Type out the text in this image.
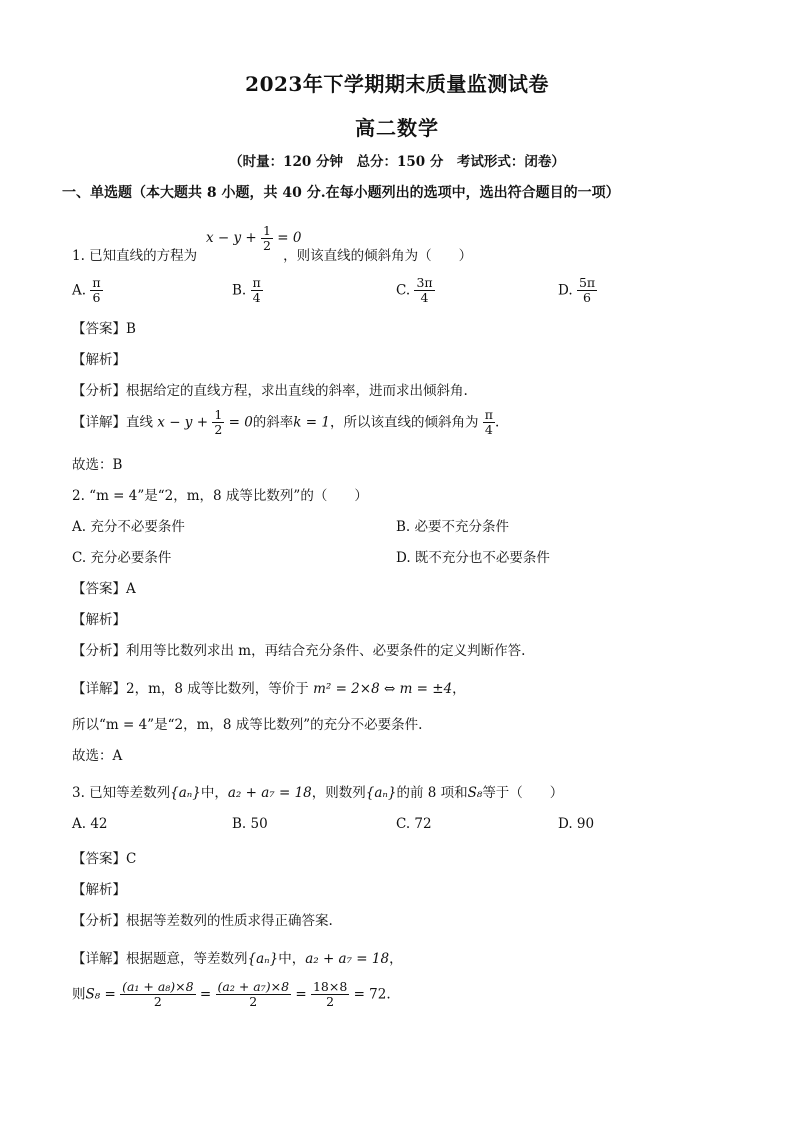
2023年下学期期末质量监测试卷
高二数学
（时量：120 分钟　总分：150 分　考试形式：闭卷）
一、单选题（本大题共 8 小题，共 40 分.在每小题列出的选项中，选出符合题目的一项）
$x - y + \frac{1}{2} = 0$
1. 已知直线的方程为	，则该直线的倾斜角为（　　）
A. $\frac{\pi}{6}$	B. $\frac{\pi}{4}$	C. $\frac{3\pi}{4}$	D. $\frac{5\pi}{6}$
【答案】B
【解析】
【分析】根据给定的直线方程，求出直线的斜率，进而求出倾斜角.
【详解】直线 $x - y + \frac{1}{2} = 0$的斜率k = 1，所以该直线的倾斜角为 $\frac{\pi}{4}$ .
故选：B
2. “m = 4”是“2，m，8 成等比数列”的（　　）
A. 充分不必要条件	B. 必要不充分条件
C. 充分必要条件	D. 既不充分也不必要条件
【答案】A
【解析】
【分析】利用等比数列求出 m，再结合充分条件、必要条件的定义判断作答.
【详解】2，m，8 成等比数列，等价于 m² = 2×8 ⇔ m = ±4，
所以“m = 4”是“2，m，8 成等比数列”的充分不必要条件.
故选：A
3. 已知等差数列{aₙ}中，a₂ + a₇ = 18，则数列{aₙ}的前 8 项和S₈等于（　　）
A. 42	B. 50	C. 72	D. 90
【答案】C
【解析】
【分析】根据等差数列的性质求得正确答案.
【详解】根据题意，等差数列{aₙ}中，a₂ + a₇ = 18，
则$S_8 = \frac{\text{(a₁ + a₈)×8}}{2} = \frac{\text{(a₂ + a₇)×8}}{2} = \frac{18\times 8}{2} = 72$.
